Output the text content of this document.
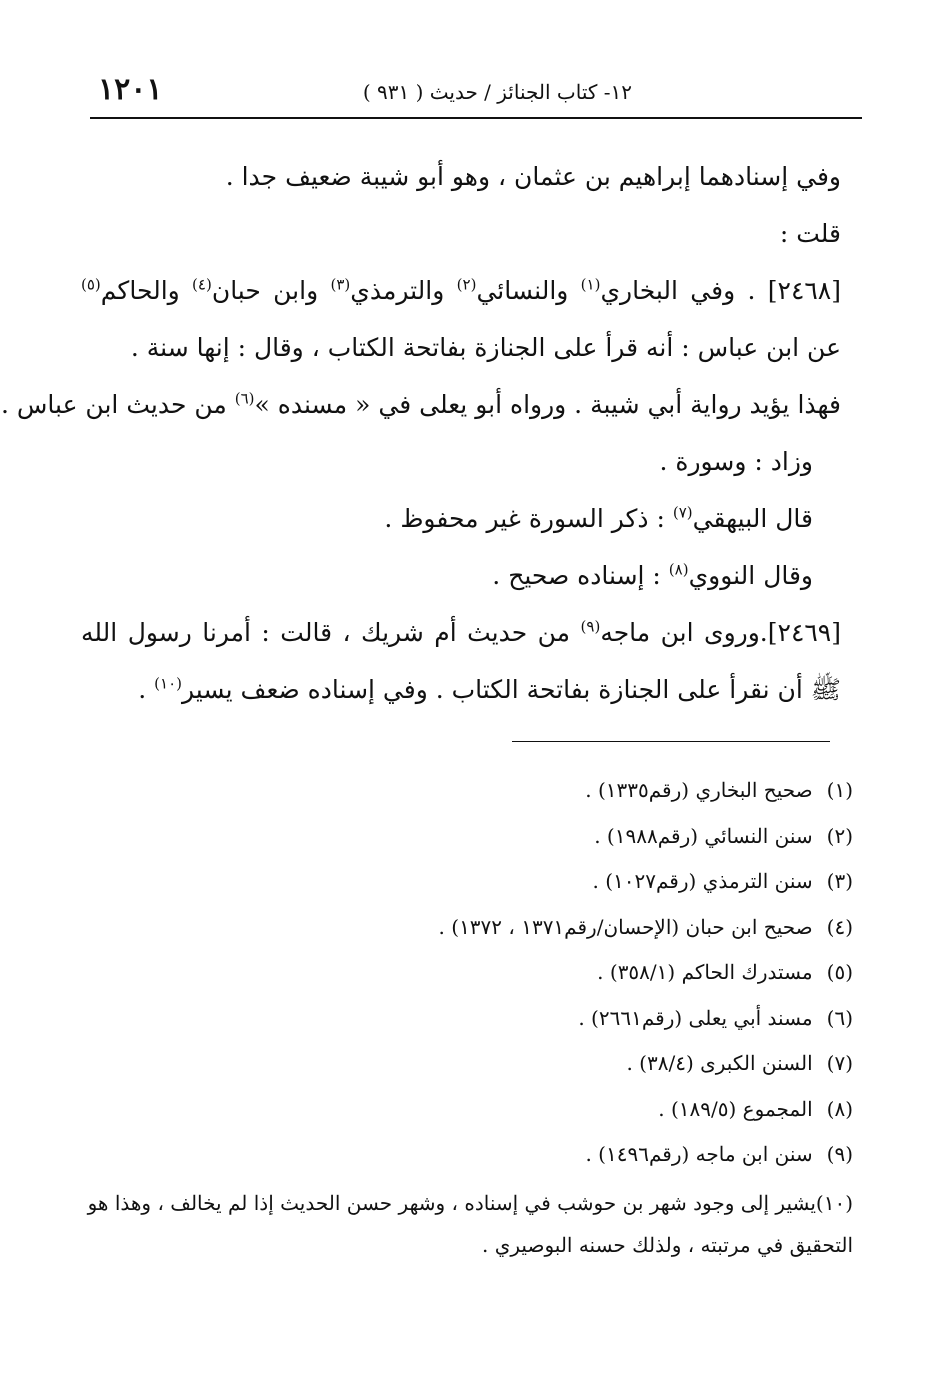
١٢٠١	١٢- كتاب الجنائز / حديث ( ٩٣١ )

وفي إسنادهما إبراهيم بن عثمان ، وهو أبو شيبة ضعيف جدا .

قلت :

[٢٤٦٨] . وفي البخاري$^{(١)}$ والنسائي$^{(٢)}$ والترمذي$^{(٣)}$ وابن حبان$^{(٤)}$ والحاكم$^{(٥)}$ عن ابن عباس : أنه قرأ على الجنازة بفاتحة الكتاب ، وقال : إنها سنة .

فهذا يؤيد رواية أبي شيبة . ورواه أبو يعلى في « مسنده »$^{(٦)}$ من حديث ابن عباس .

وزاد : وسورة .

قال البيهقي$^{(٧)}$ : ذكر السورة غير محفوظ .

وقال النووي$^{(٨)}$ : إسناده صحيح .

[٢٤٦٩].وروى ابن ماجه$^{(٩)}$ من حديث أم شريك ، قالت : أمرنا رسول الله ﷺ أن نقرأ على الجنازة بفاتحة الكتاب . وفي إسناده ضعف يسير$^{(١٠)}$ .

(١) صحيح البخاري (رقم١٣٣٥) .

(٢) سنن النسائي (رقم١٩٨٨) .

(٣) سنن الترمذي (رقم١٠٢٧) .

(٤) صحيح ابن حبان (الإحسان/رقم١٣٧١ ، ١٣٧٢) .

(٥) مستدرك الحاكم (٣٥٨/١) .

(٦) مسند أبي يعلى (رقم٢٦٦١) .

(٧) السنن الكبرى (٣٨/٤) .

(٨) المجموع (١٨٩/٥) .

(٩) سنن ابن ماجه (رقم١٤٩٦) .

(١٠)يشير إلى وجود شهر بن حوشب في إسناده ، وشهر حسن الحديث إذا لم يخالف ، وهذا هو التحقيق في مرتبته ، ولذلك حسنه البوصيري .
